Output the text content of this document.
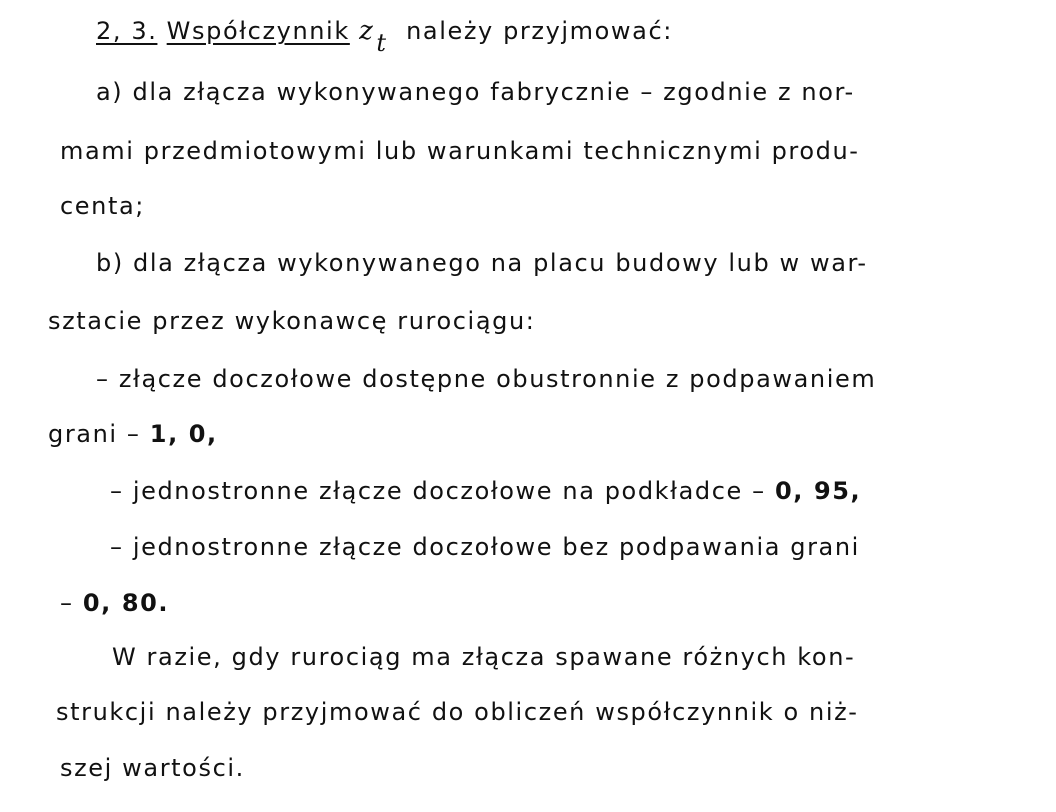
2, 3. Współczynnik zt należy przyjmować:
a) dla złącza wykonywanego fabrycznie – zgodnie z nor-
mami przedmiotowymi lub warunkami technicznymi produ-
centa;
b) dla złącza wykonywanego na placu budowy lub w war-
sztacie przez wykonawcę rurociągu:
– złącze doczołowe dostępne obustronnie z podpawaniem
grani – 1, 0,
– jednostronne złącze doczołowe na podkładce – 0, 95,
– jednostronne złącze doczołowe bez podpawania grani
– 0, 80.
W razie, gdy rurociąg ma złącza spawane różnych kon-
strukcji należy przyjmować do obliczeń współczynnik o niż-
szej wartości.
